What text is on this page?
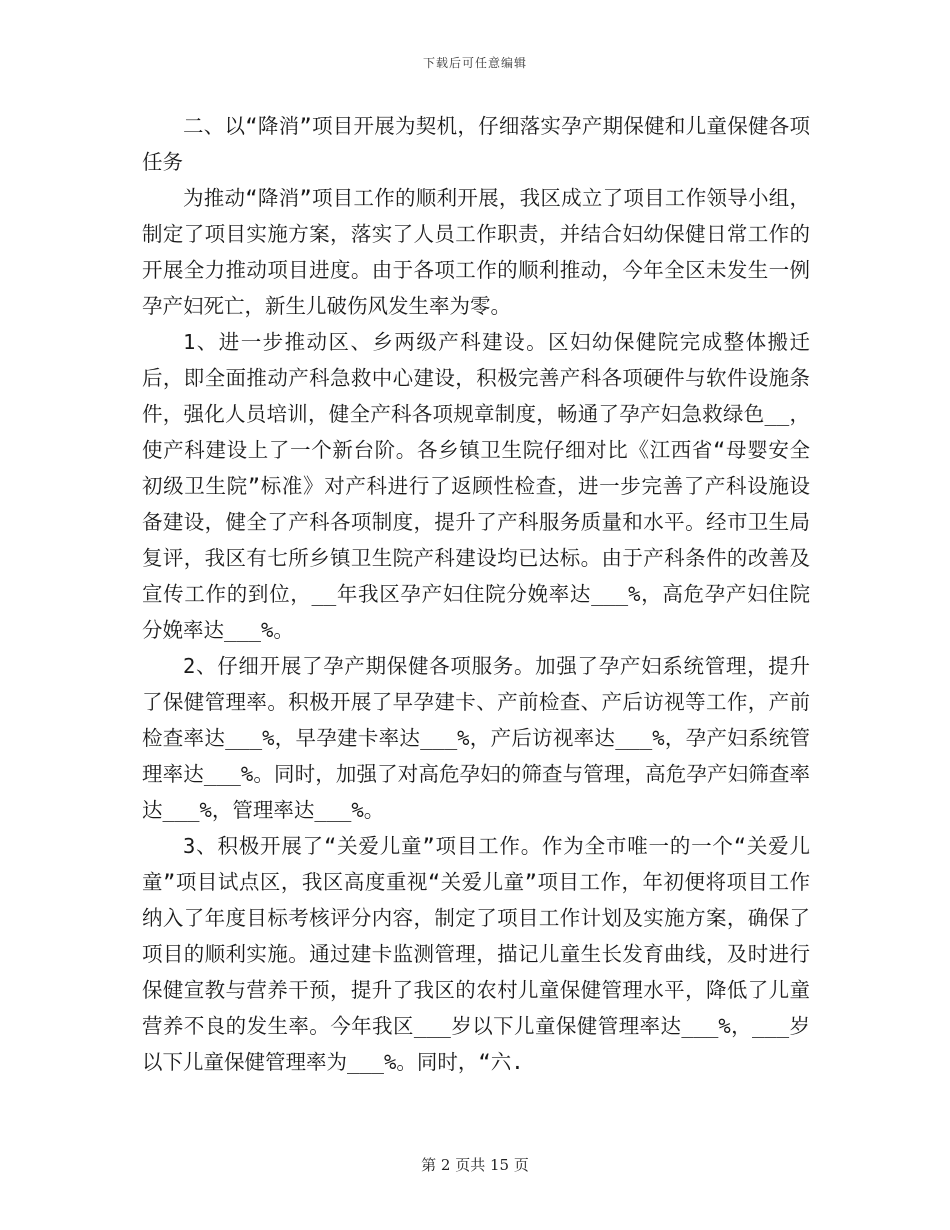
下载后可任意编辑

二、以“降消”项目开展为契机，仔细落实孕产期保健和儿童保健各项任务

为推动“降消”项目工作的顺利开展，我区成立了项目工作领导小组，制定了项目实施方案，落实了人员工作职责，并结合妇幼保健日常工作的开展全力推动项目进度。由于各项工作的顺利推动，今年全区未发生一例孕产妇死亡，新生儿破伤风发生率为零。

1、进一步推动区、乡两级产科建设。区妇幼保健院完成整体搬迁后，即全面推动产科急救中心建设，积极完善产科各项硬件与软件设施条件，强化人员培训，健全产科各项规章制度，畅通了孕产妇急救绿色__，使产科建设上了一个新台阶。各乡镇卫生院仔细对比《江西省“母婴安全初级卫生院”标准》对产科进行了返顾性检查，进一步完善了产科设施设备建设，健全了产科各项制度，提升了产科服务质量和水平。经市卫生局复评，我区有七所乡镇卫生院产科建设均已达标。由于产科条件的改善及宣传工作的到位，__年我区孕产妇住院分娩率达___%，高危孕产妇住院分娩率达___%。

2、仔细开展了孕产期保健各项服务。加强了孕产妇系统管理，提升了保健管理率。积极开展了早孕建卡、产前检查、产后访视等工作，产前检查率达___%，早孕建卡率达___%，产后访视率达___%，孕产妇系统管理率达___%。同时，加强了对高危孕妇的筛查与管理，高危孕产妇筛查率达___%，管理率达___%。

3、积极开展了“关爱儿童”项目工作。作为全市唯一的一个“关爱儿童”项目试点区，我区高度重视“关爱儿童”项目工作，年初便将项目工作纳入了年度目标考核评分内容，制定了项目工作计划及实施方案，确保了项目的顺利实施。通过建卡监测管理，描记儿童生长发育曲线，及时进行保健宣教与营养干预，提升了我区的农村儿童保健管理水平，降低了儿童营养不良的发生率。今年我区___岁以下儿童保健管理率达___%，___岁以下儿童保健管理率为___%。同时，“六.

第 2 页共 15 页
